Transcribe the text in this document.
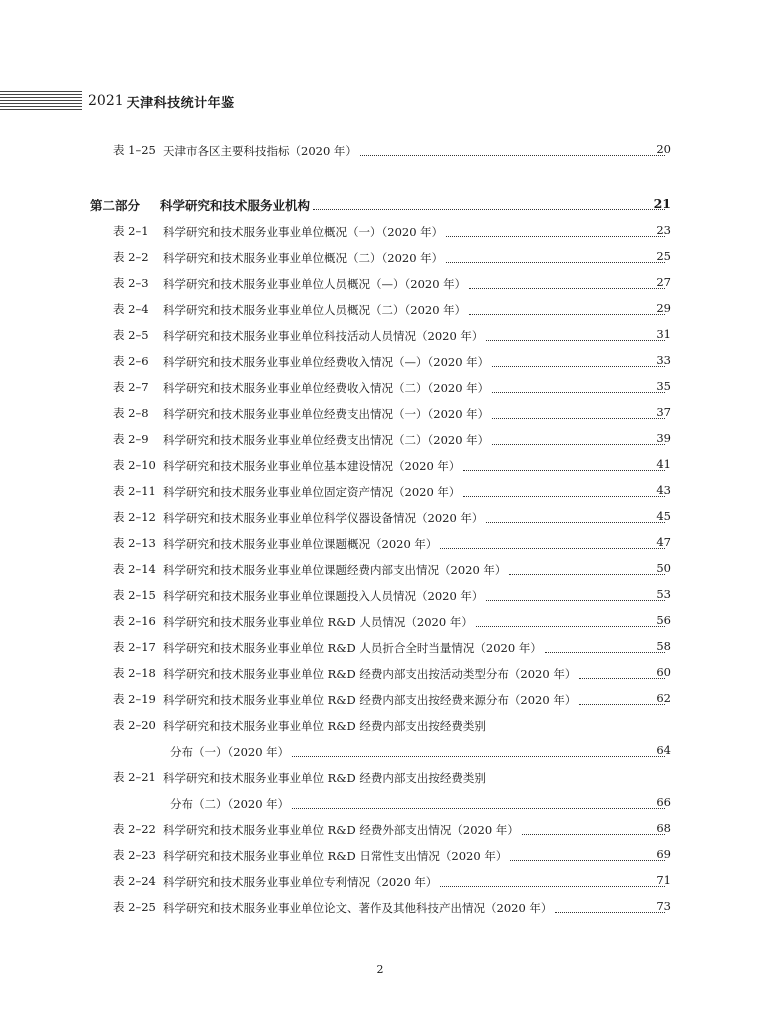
2021 天津科技统计年鉴
表 1–25 天津市各区主要科技指标（2020 年）	20
第二部分 科学研究和技术服务业机构	21
表 2–1 科学研究和技术服务业事业单位概况（一）（2020 年）	23
表 2–2 科学研究和技术服务业事业单位概况（二）（2020 年）	25
表 2–3 科学研究和技术服务业事业单位人员概况（—）（2020 年）	27
表 2–4 科学研究和技术服务业事业单位人员概况（二）（2020 年）	29
表 2–5 科学研究和技术服务业事业单位科技活动人员情况（2020 年）	31
表 2–6 科学研究和技术服务业事业单位经费收入情况（—）（2020 年）	33
表 2–7 科学研究和技术服务业事业单位经费收入情况（二）（2020 年）	35
表 2–8 科学研究和技术服务业事业单位经费支出情况（一）（2020 年）	37
表 2–9 科学研究和技术服务业事业单位经费支出情况（二）（2020 年）	39
表 2–10 科学研究和技术服务业事业单位基本建设情况（2020 年）	41
表 2–11 科学研究和技术服务业事业单位固定资产情况（2020 年）	43
表 2–12 科学研究和技术服务业事业单位科学仪器设备情况（2020 年）	45
表 2–13 科学研究和技术服务业事业单位课题概况（2020 年）	47
表 2–14 科学研究和技术服务业事业单位课题经费内部支出情况（2020 年）	50
表 2–15 科学研究和技术服务业事业单位课题投入人员情况（2020 年）	53
表 2–16 科学研究和技术服务业事业单位 R&D 人员情况（2020 年）	56
表 2–17 科学研究和技术服务业事业单位 R&D 人员折合全时当量情况（2020 年）	58
表 2–18 科学研究和技术服务业事业单位 R&D 经费内部支出按活动类型分布（2020 年）	60
表 2–19 科学研究和技术服务业事业单位 R&D 经费内部支出按经费来源分布（2020 年）	62
表 2–20 科学研究和技术服务业事业单位 R&D 经费内部支出按经费类别
分布（一）（2020 年）	64
表 2–21 科学研究和技术服务业事业单位 R&D 经费内部支出按经费类别
分布（二）（2020 年）	66
表 2–22 科学研究和技术服务业事业单位 R&D 经费外部支出情况（2020 年）	68
表 2–23 科学研究和技术服务业事业单位 R&D 日常性支出情况（2020 年）	69
表 2–24 科学研究和技术服务业事业单位专利情况（2020 年）	71
表 2–25 科学研究和技术服务业事业单位论文、著作及其他科技产出情况（2020 年）	73
2
